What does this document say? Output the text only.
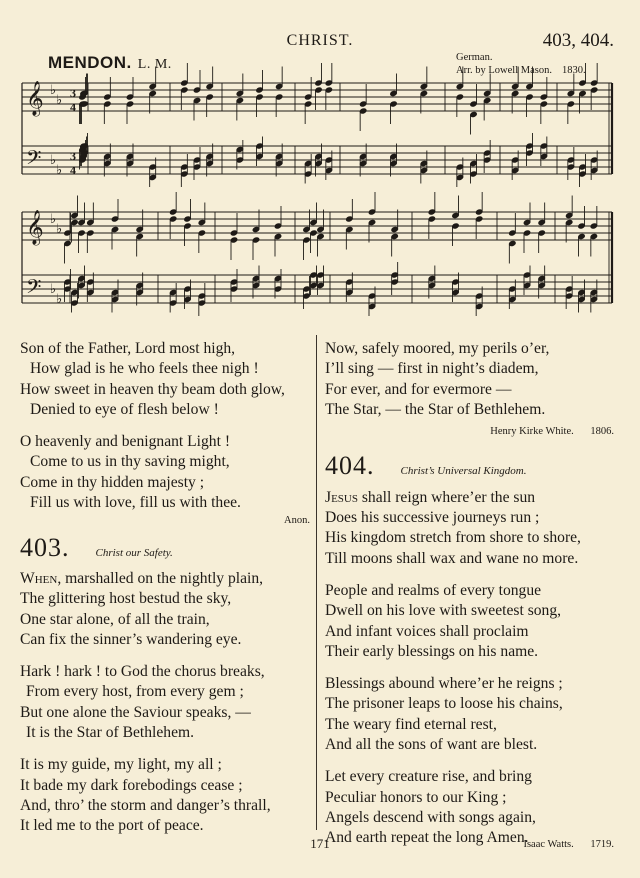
CHRIST.	403, 404.
MENDON. L. M.	German.
Arr. by Lowell Mason. 1830.
𝄞
𝄢
♭
♭
♭
♭
3
4
3
4
𝄞
𝄢
♭
♭
♭
♭
Son of the Father, Lord most high,
How glad is he who feels thee nigh !
How sweet in heaven thy beam doth glow,
Denied to eye of flesh below !
O heavenly and benignant Light !
Come to us in thy saving might,
Come in thy hidden majesty ;
Fill us with love, fill us with thee.
Anon.
403. Christ our Safety.
When, marshalled on the nightly plain,
The glittering host bestud the sky,
One star alone, of all the train,
Can fix the sinner’s wandering eye.
Hark ! hark ! to God the chorus breaks,
From every host, from every gem ;
But one alone the Saviour speaks, —
It is the Star of Bethlehem.
It is my guide, my light, my all ;
It bade my dark forebodings cease ;
And, thro’ the storm and danger’s thrall,
It led me to the port of peace.
Now, safely moored, my perils o’er,
I’ll sing — first in night’s diadem,
For ever, and for evermore —
The Star, — the Star of Bethlehem.
Henry Kirke White. 1806.
404. Christ’s Universal Kingdom.
Jesus shall reign where’er the sun
Does his successive journeys run ;
His kingdom stretch from shore to shore,
Till moons shall wax and wane no more.
People and realms of every tongue
Dwell on his love with sweetest song,
And infant voices shall proclaim
Their early blessings on his name.
Blessings abound where’er he reigns ;
The prisoner leaps to loose his chains,
The weary find eternal rest,
And all the sons of want are blest.
Let every creature rise, and bring
Peculiar honors to our King ;
Angels descend with songs again,
And earth repeat the long Amen.
171	Isaac Watts. 1719.
